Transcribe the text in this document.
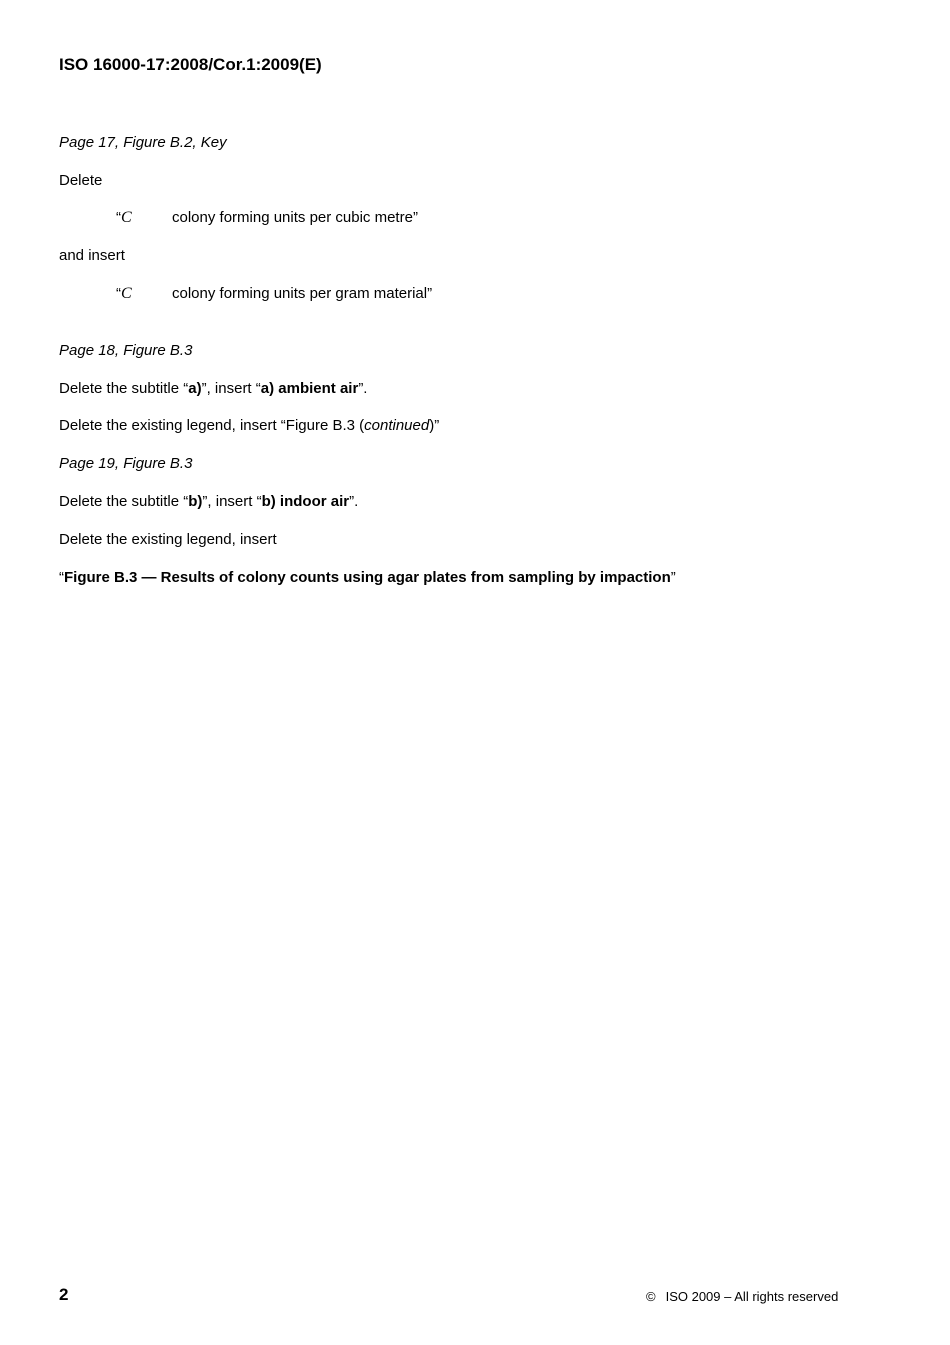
ISO 16000-17:2008/Cor.1:2009(E)
Page 17, Figure B.2, Key
Delete
“C	colony forming units per cubic metre”
and insert
“C	colony forming units per gram material”
Page 18, Figure B.3
Delete the subtitle “a)”, insert “a) ambient air”.
Delete the existing legend, insert “Figure B.3 (continued)”
Page 19, Figure B.3
Delete the subtitle “b)”, insert “b) indoor air”.
Delete the existing legend, insert
“Figure B.3 — Results of colony counts using agar plates from sampling by impaction”
2	© ISO 2009 – All rights reserved
